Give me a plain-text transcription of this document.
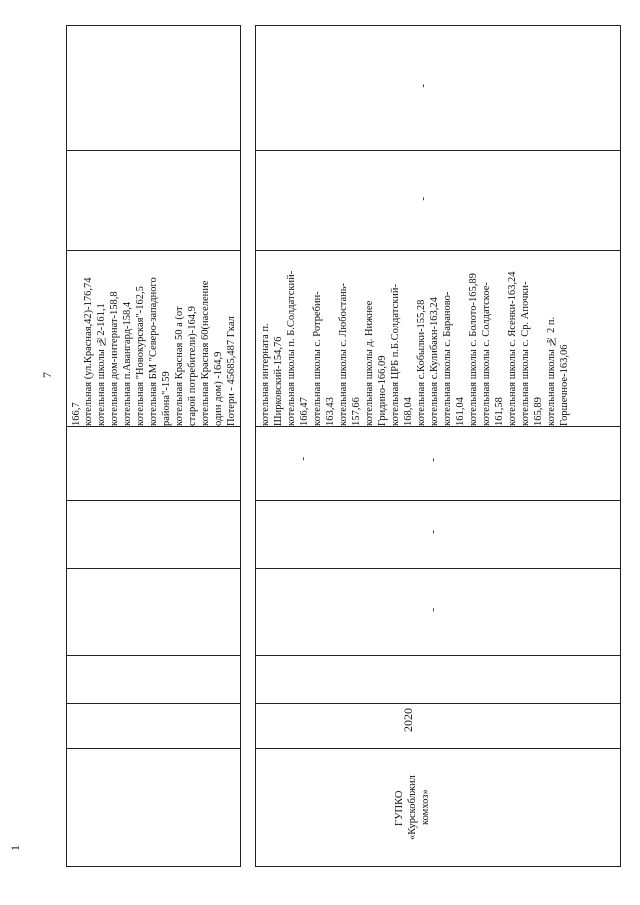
7
166,7 котельная (ул.Красная,42)-176,74 котельная школы №2-161,1 котельная дом-интернат-158,8 котельная п.Авангард-158,4 котельная "Новокурская"-162,5 котельная БМ "Северо-западного района"-159 котельная Красная 50 а (от старой потребители)-164,9 котельная Красная 60(население один дом) -164,9 Потери - 45685,487 Гкал
1
ГУПКО «Курскоблжил комхоз»
2020
-
-
-
-
-
-
котельная интерната п. Ширковский-154,76 котельная школы п. Б.Солдатский- 166,47 котельная школы с. Ротребин- 163,43 котельная школы с. Любостань- 157,66 котельная школы д. Нижнее Гридино-166,09 котельная ЦРБ п.Б.Солдатский- 168,04 котельная с.Кобылки-155,28 котельная с.Кулибакн-163,24 котельная школы с. Бараново- 161,04 котельная школы с. Болото-165,89 котельная школы с. Солдатское- 161,58 котельная школы с. Ясенки-163,24 котельная школы с. Ср. Апочки- 165,89 котельная школы № 2 п. Горшечное-163,06
